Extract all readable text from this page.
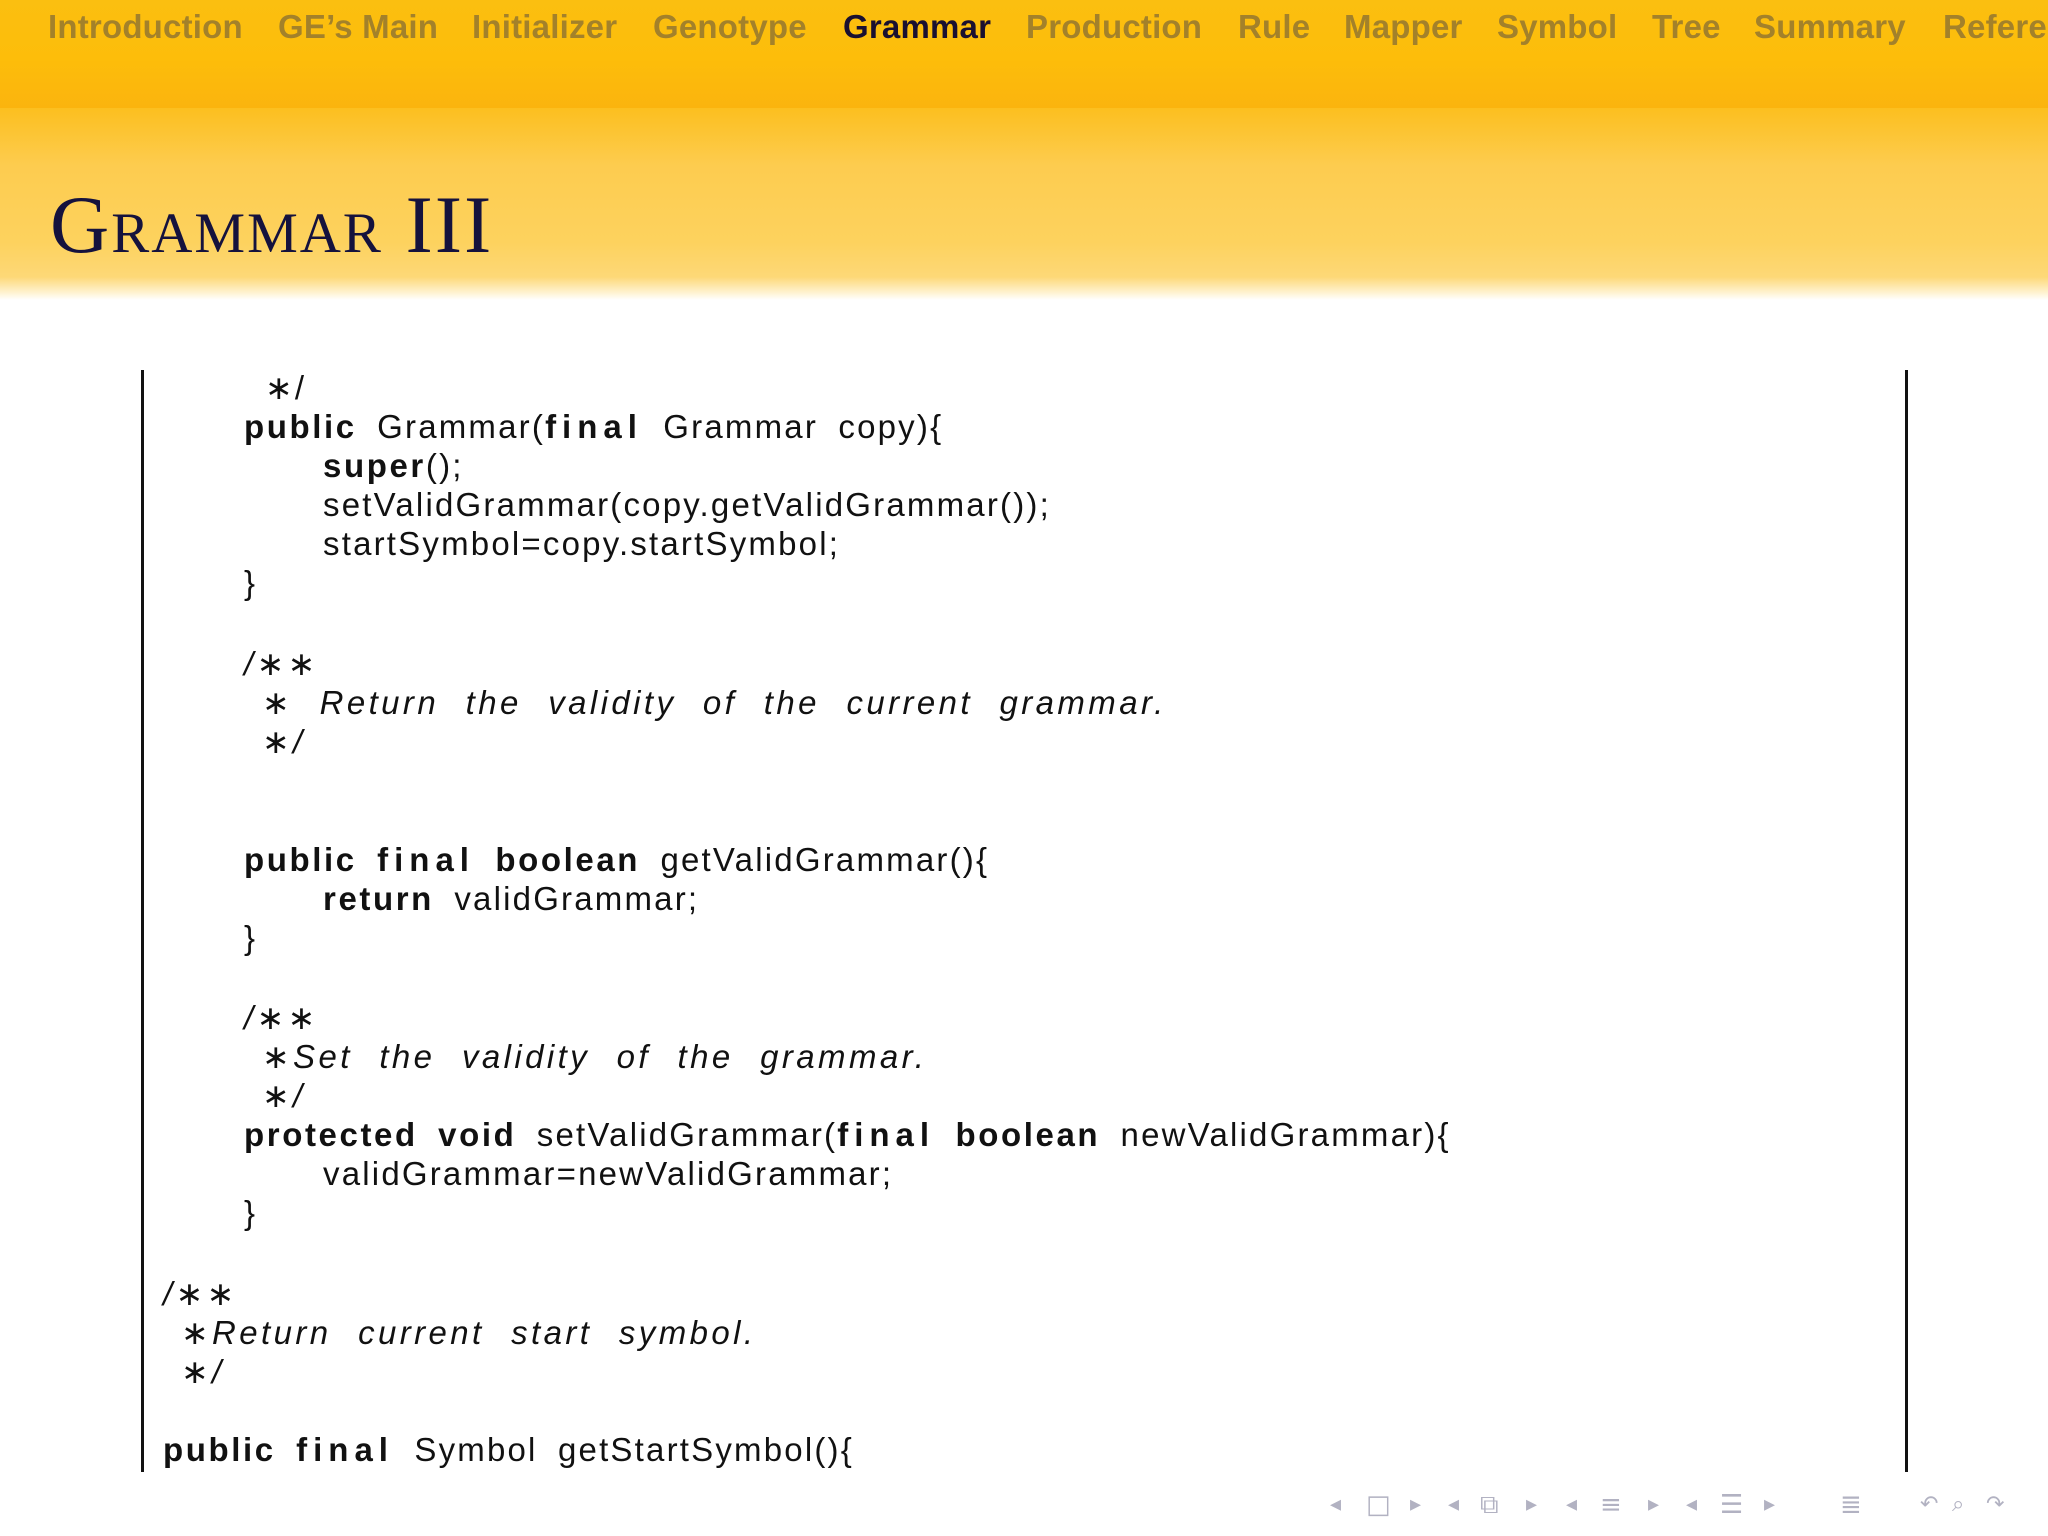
Introduction GE’s Main Initializer Genotype Grammar Production Rule Mapper Symbol Tree Summary Refere
Grammar III
∗/
public Grammar(final Grammar copy){
super();
setValidGrammar(copy.getValidGrammar());
startSymbol=copy.startSymbol;
}
/∗∗
∗ Return the validity of the current grammar.
∗/
public final boolean getValidGrammar(){
return validGrammar;
}
/∗∗
∗Set the validity of the grammar.
∗/
protected void setValidGrammar(final boolean newValidGrammar){
validGrammar=newValidGrammar;
}
/∗∗
∗Return current start symbol.
∗/
public final Symbol getStartSymbol(){
◂ □ ▸ ◂ ⧉ ▸ ◂ ≡ ▸ ◂ ☰ ▸ ≣	↶ ⌕ ↷
